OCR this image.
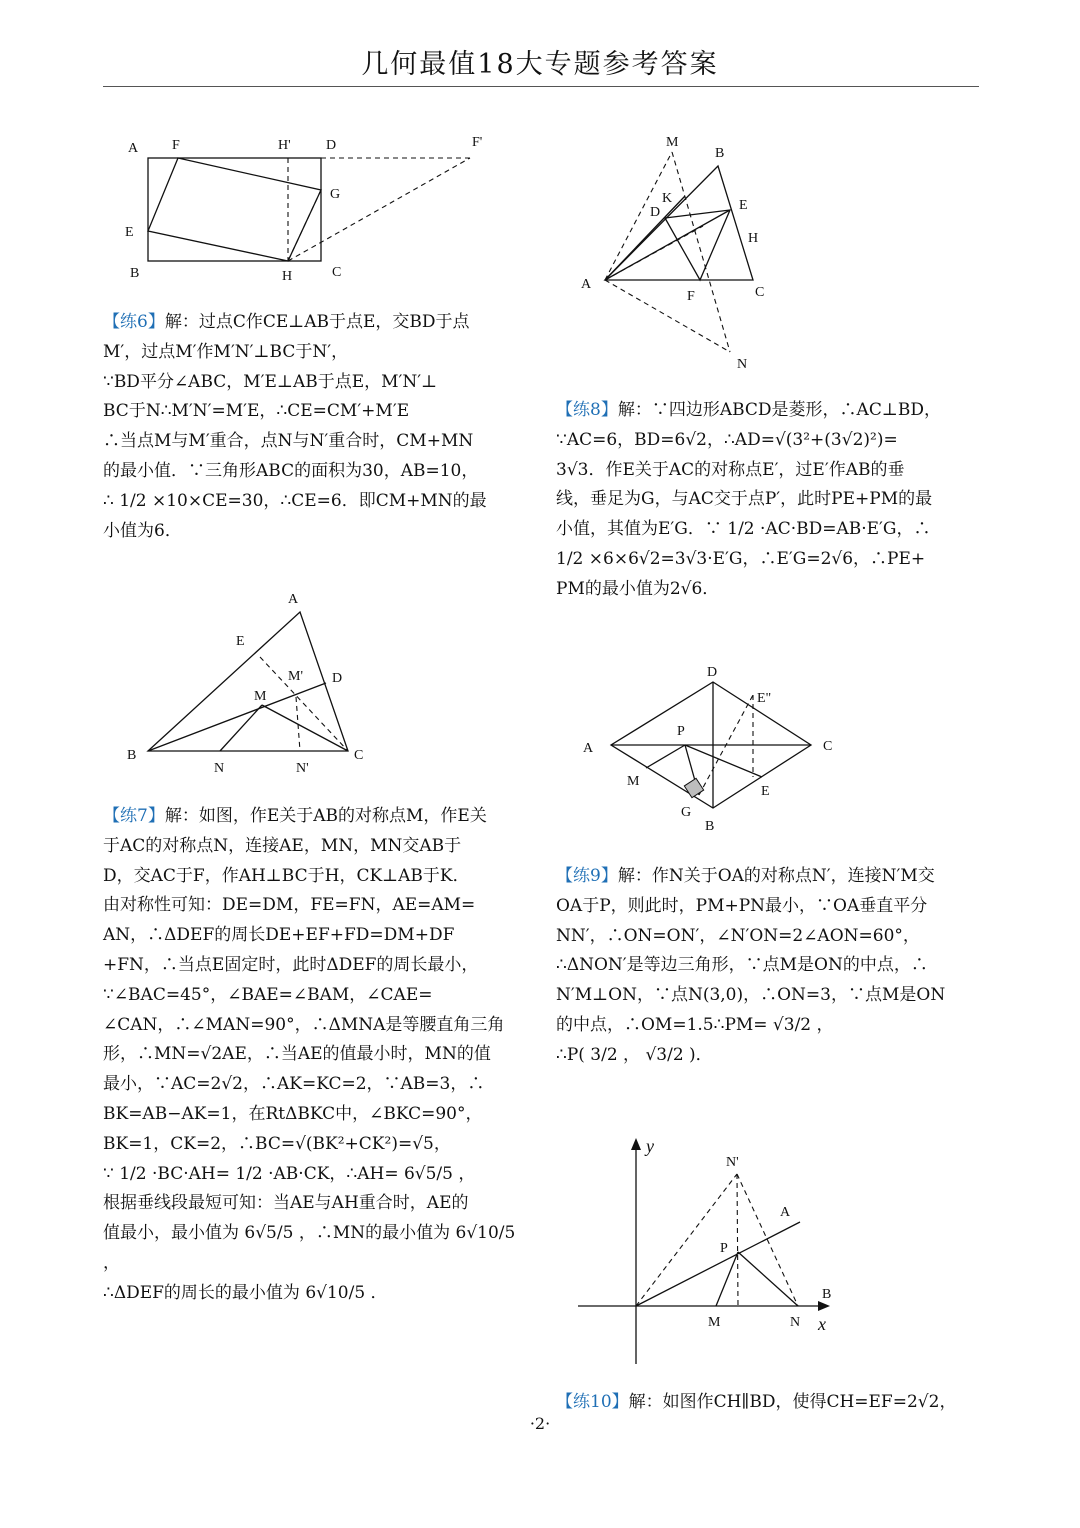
几何最值18大专题参考答案
A F	H'	D	F'
G
E
B	H	C

【练6】解：过点C作CE⊥AB于点E，交BD于点

M′，过点M′作M′N′⊥BC于N′，

∵BD平分∠ABC，M′E⊥AB于点E，M′N′⊥

BC于N∴M′N′=M′E，∴CE=CM′+M′E

∴当点M与M′重合，点N与N′重合时，CM+MN

的最小值．∵三角形ABC的面积为30，AB=10，

∴ 1/2 ×10×CE=30，∴CE=6．即CM+MN的最

小值为6．

A
E
M' D
M
B
N	N'
C

【练7】解：如图，作E关于AB的对称点M，作E关

于AC的对称点N，连接AE，MN，MN交AB于

D，交AC于F，作AH⊥BC于H，CK⊥AB于K．

由对称性可知：DE=DM，FE=FN，AE=AM=

AN，∴ΔDEF的周长DE+EF+FD=DM+DF

+FN，∴当点E固定时，此时ΔDEF的周长最小，

∵∠BAC=45°，∠BAE=∠BAM，∠CAE=

∠CAN，∴∠MAN=90°，∴ΔMNA是等腰直角三角

形，∴MN=√2AE，∴当AE的值最小时，MN的值

最小，∵AC=2√2，∴AK=KC=2，∵AB=3，∴

BK=AB−AK=1，在RtΔBKC中，∠BKC=90°，

BK=1，CK=2，∴BC=√(BK²+CK²)=√5，

∵ 1/2 ·BC·AH= 1/2 ·AB·CK，∴AH= 6√5/5 ，

根据垂线段最短可知：当AE与AH重合时，AE的

值最小，最小值为 6√5/5 ，∴MN的最小值为 6√10/5 ，

∴ΔDEF的周长的最小值为 6√10/5 ．

M
B
K
D	E
H
A
F	C
N

【练8】解：∵四边形ABCD是菱形，∴AC⊥BD，

∵AC=6，BD=6√2，∴AD=√(3²+(3√2)²)=

3√3．作E关于AC的对称点E′，过E′作AB的垂

线，垂足为G，与AC交于点P′，此时PE+PM的最

小值，其值为E′G．∵ 1/2 ·AC·BD=AB·E′G，∴

1/2 ×6×6√2=3√3·E′G，∴E′G=2√6，∴PE+

PM的最小值为2√6．

D
E"
A
P
C
M
E
G
B

【练9】解：作N关于OA的对称点N′，连接N′M交

OA于P，则此时，PM+PN最小，∵OA垂直平分

NN′，∴ON=ON′，∠N′ON=2∠AON=60°，

∴ΔNON′是等边三角形，∵点M是ON的中点，∴

N′M⊥ON，∵点N(3,0)，∴ON=3，∵点M是ON

的中点，∴OM=1.5∴PM= √3/2 ，

∴P( 3/2 ， √3/2 )．

y
N'
A
P
B
M	N x

【练10】解：如图作CH∥BD，使得CH=EF=2√2，

·2·
